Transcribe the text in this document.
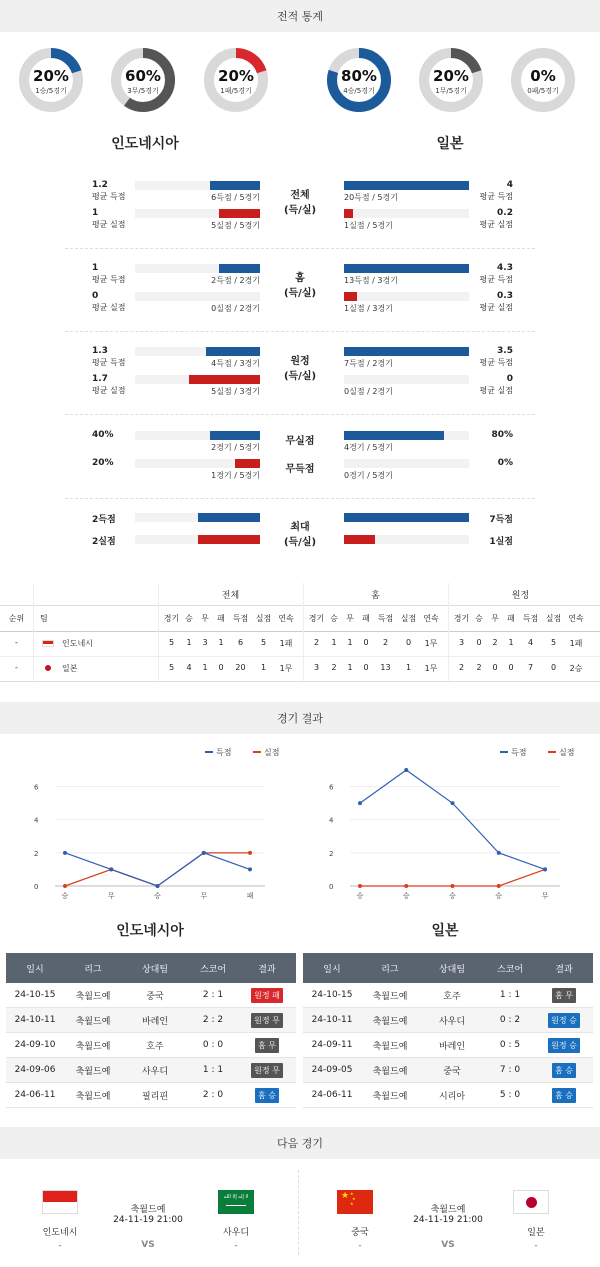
전적 통계
20%
1승/5경기
60%
3무/5경기
20%
1패/5경기
80%
4승/5경기
20%
1무/5경기
0%
0패/5경기
인도네시아	일본
전체
(득/실)
1.2
평균 득점	6득점 / 5경기
1
평균 실점	5실점 / 5경기
20득점 / 5경기
4
평균 득점
1실점 / 5경기
0.2
평균 실점
홈
(득/실)
1
평균 득점	2득점 / 2경기
0
평균 실점	0실점 / 2경기
13득점 / 3경기
4.3
평균 득점
1실점 / 3경기
0.3
평균 실점
원정
(득/실)
1.3
평균 득점	4득점 / 3경기
1.7
평균 실점	5실점 / 3경기
7득점 / 2경기
3.5
평균 득점
0실점 / 2경기
0
평균 실점
무실점
무득점
40%
2경기 / 5경기
20%
1경기 / 5경기
4경기 / 5경기
80%
0경기 / 5경기
0%
최대
(득/실)
2득점
2실점
7득점
1실점
전체	홈	원정
순위	팀	경기 승	무	패 득점 실점 연속	경기 승	무	패 득점 실점 연속	경기 승	무	패 득점 실점 연속
-	인도네시	5	1	3	1	6	5	1패	2	1	1	0	2	0	1무	3	0	2	1	4	5	1패
-	일본	5	4	1	0	20	1	1무	3	2	1	0	13	1	1무	2	2	0	0	7	0	2승
경기 결과
0
2
4
6
승	무	승	무	패
득점	실점
0
2
4
6
승	승	승	승	무
득점	실점
인도네시아	일본
일시	리그	상대팀	스코어	결과
24-10-15	축월드예	중국	2 : 1	원정 패
24-10-11	축월드예	바레인	2 : 2	원정 무
24-09-10	축월드예	호주	0 : 0	홈 무
24-09-06	축월드예	사우디	1 : 1	원정 무
24-06-11	축월드예	필리핀	2 : 0	홈 승
일시	리그	상대팀	스코어	결과
24-10-15	축월드예	호주	1 : 1	홈 무
24-10-11	축월드예	사우디	0 : 2	원정 승
24-09-11	축월드예	바레인	0 : 5	원정 승
24-09-05	축월드예	중국	7 : 0	홈 승
24-06-11	축월드예	시리아	5 : 0	홈 승
다음 경기
لا إله إلا الله
인도네시
-
사우디
-
축월드예
24-11-19 21:00
VS
★ ★
★
★
중국
-
일본
-
축월드예
24-11-19 21:00
VS
